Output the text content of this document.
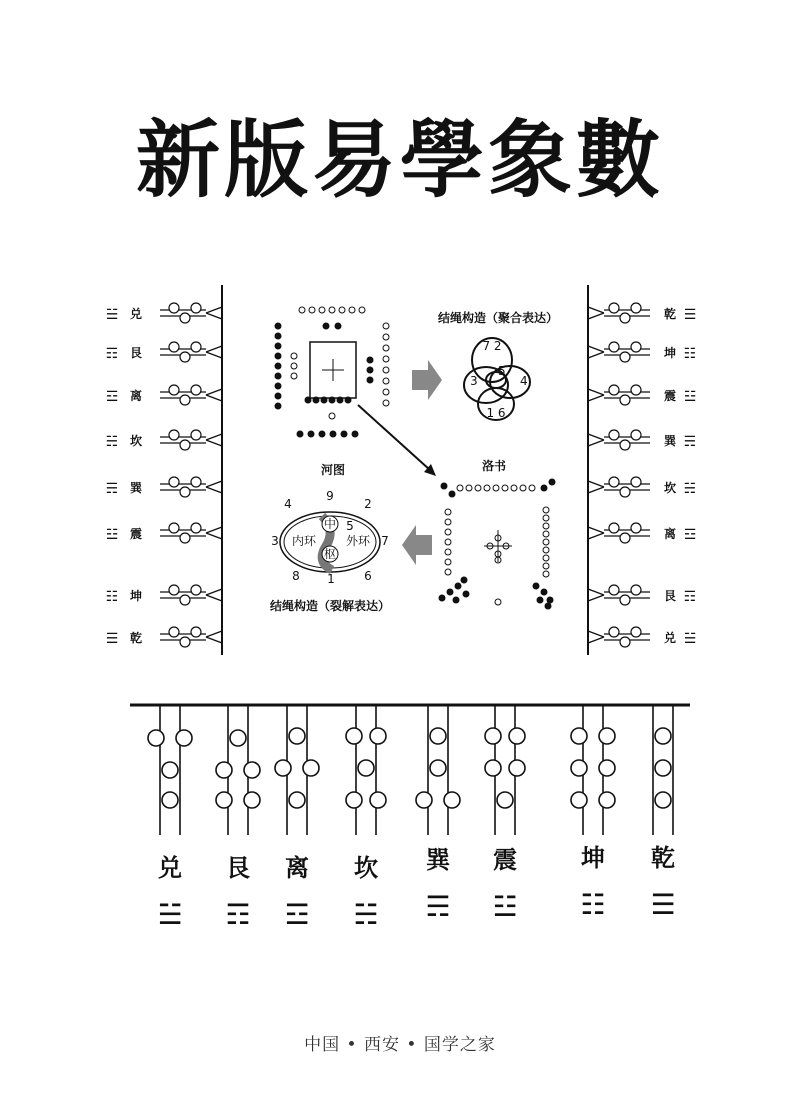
新版易學象數
兑
☱
艮
☶
离
☲
坎
☵
巽
☴
震
☳
坤
☷
乾
☰
乾 ☰
坤 ☷
震 ☳
巽 ☴
坎 ☵
离 ☲
艮 ☶
兑 ☱
河图
结绳构造（聚合表达）
7 2
5
3	4
1 6
洛书
中
枢
内环 外环
9
4	2
3
5
7
8 1 6
结绳构造（裂解表达）
兑
☱
艮
☶
离
☲
坎
☵
巽
☴
震
☳
坤
☷
乾
☰
中国 • 西安 • 国学之家
